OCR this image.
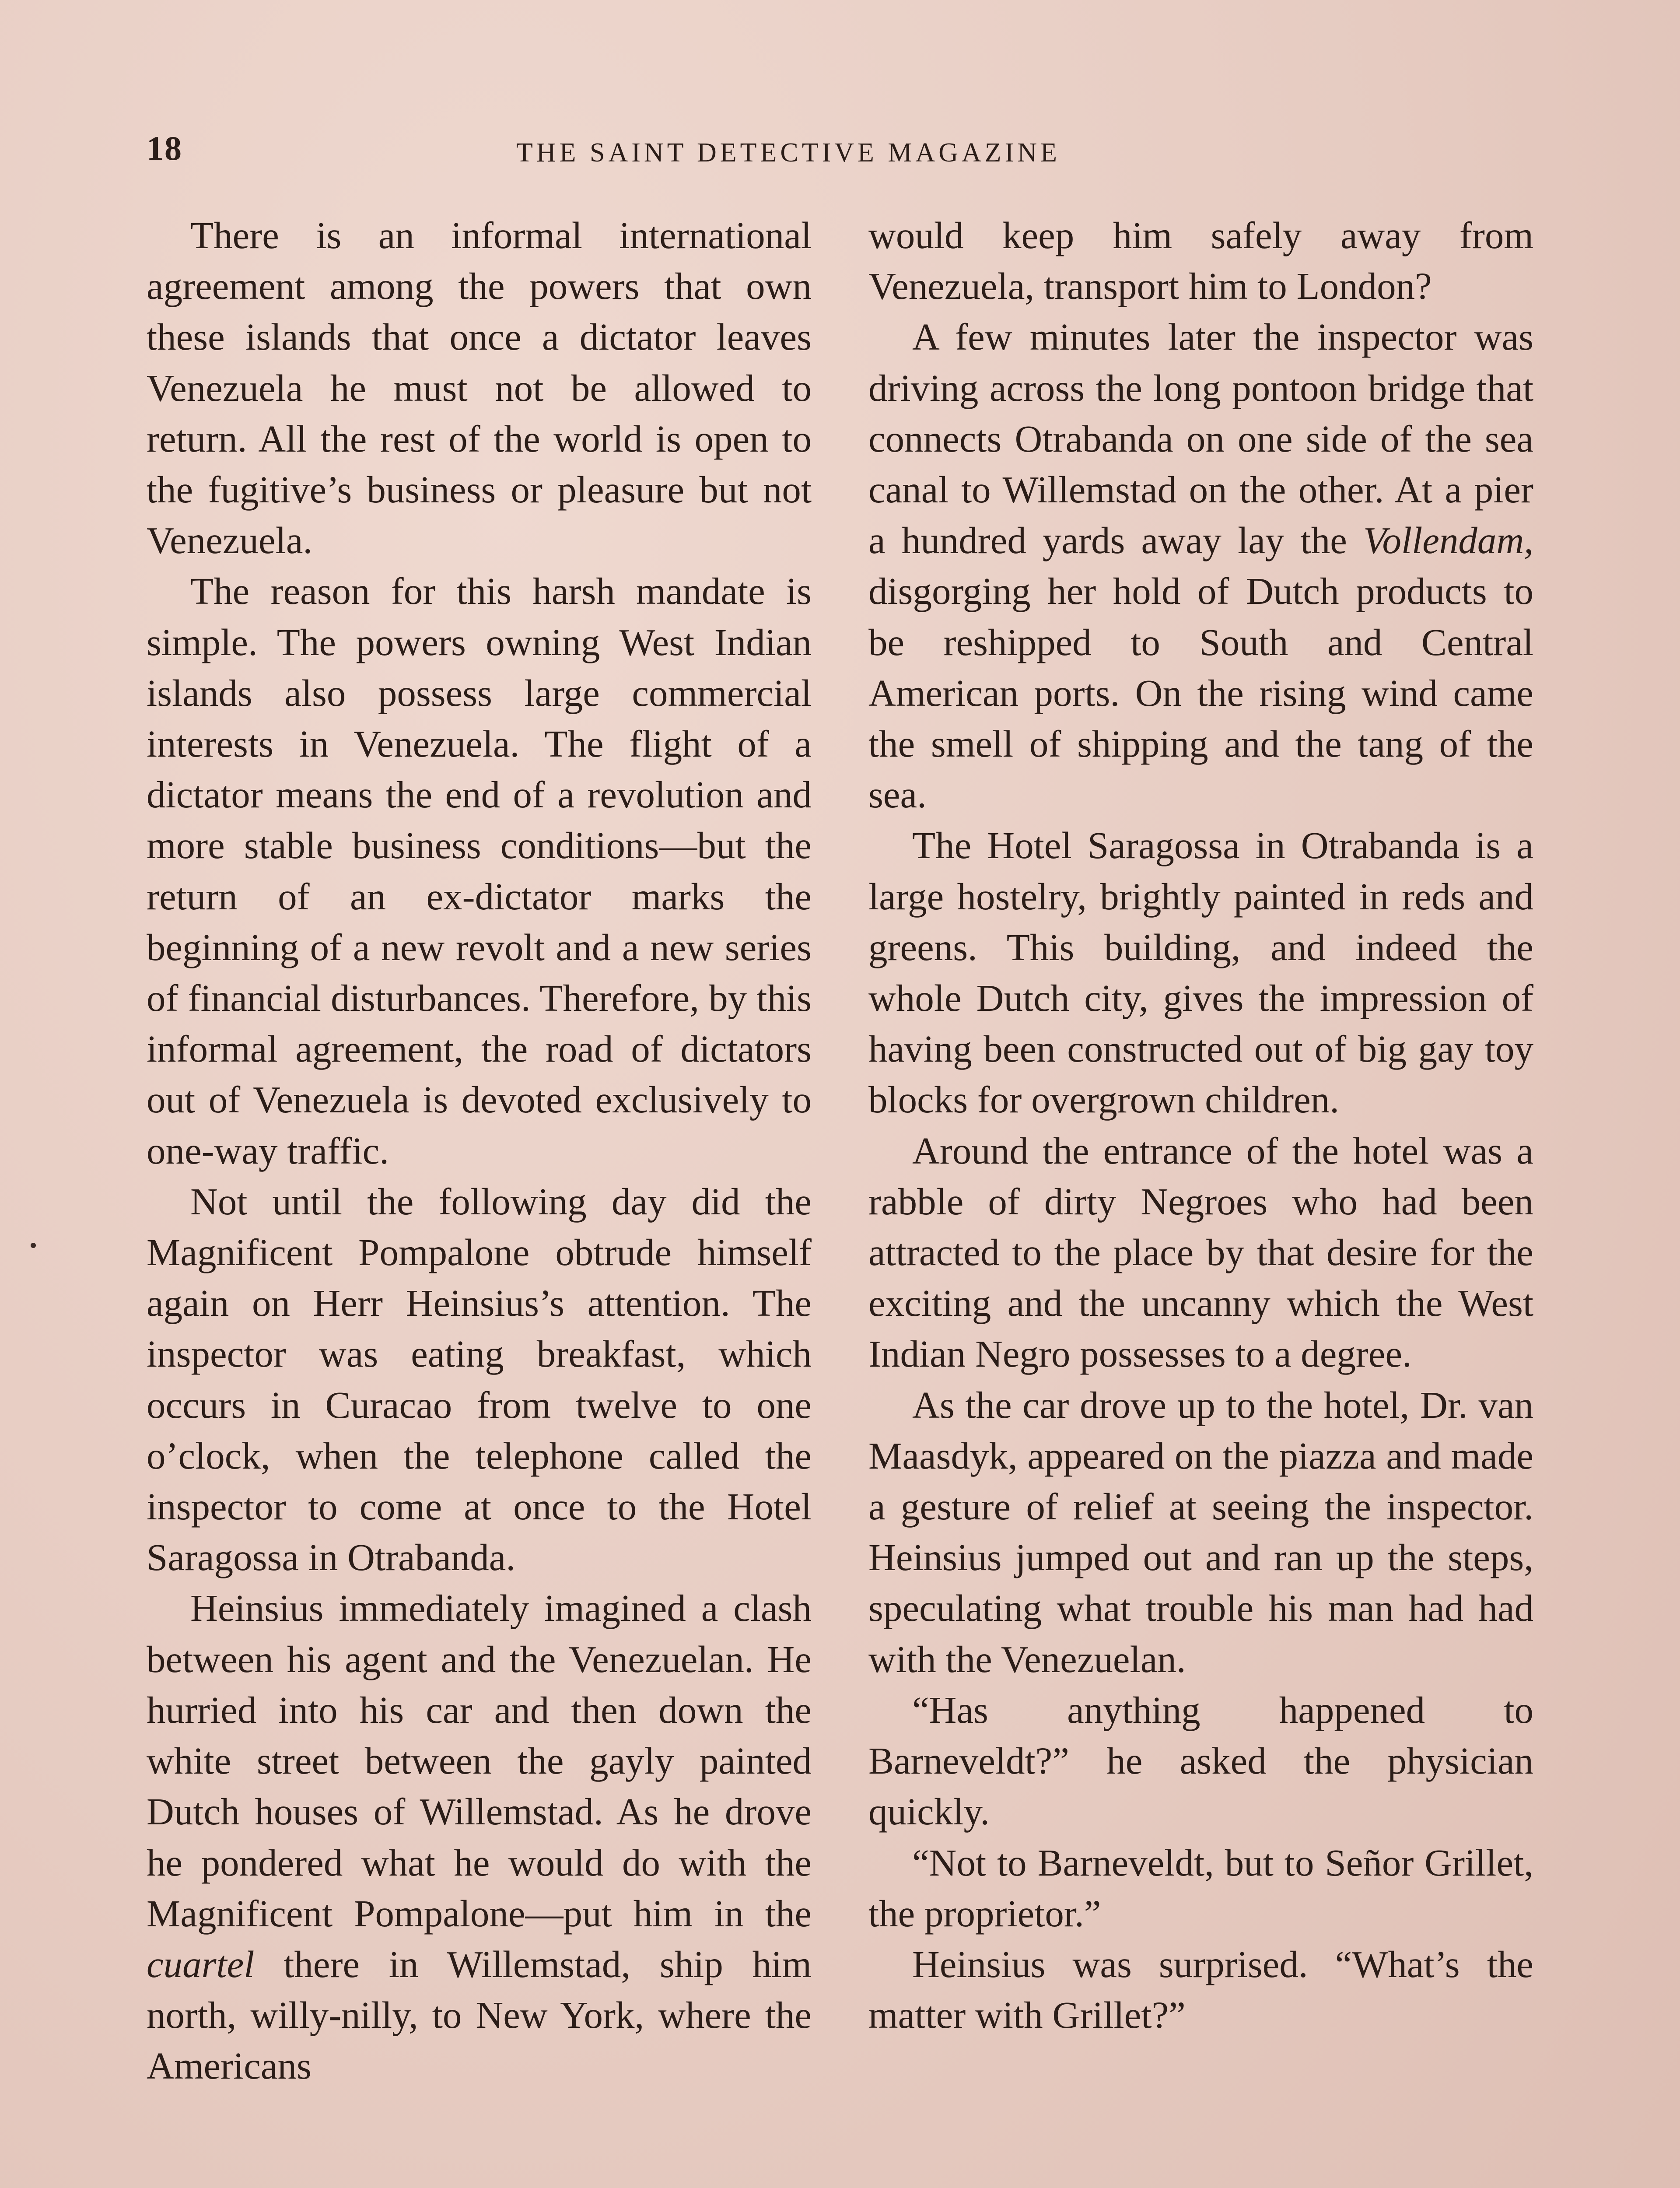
18	THE SAINT DETECTIVE MAGAZINE

There is an informal international agreement among the powers that own these islands that once a dictator leaves Venezuela he must not be allowed to return. All the rest of the world is open to the fugitive’s business or pleasure but not Venezuela.

The reason for this harsh mandate is simple. The powers owning West Indian islands also possess large commercial interests in Venezuela. The flight of a dictator means the end of a revolution and more stable business conditions—but the return of an ex-dictator marks the beginning of a new revolt and a new series of financial disturbances. Therefore, by this informal agreement, the road of dictators out of Venezuela is devoted exclusively to one-way traffic.

Not until the following day did the Magnificent Pompalone obtrude himself again on Herr Heinsius’s attention. The inspector was eating breakfast, which occurs in Curacao from twelve to one o’clock, when the telephone called the inspector to come at once to the Hotel Saragossa in Otrabanda.

Heinsius immediately imagined a clash between his agent and the Venezuelan. He hurried into his car and then down the white street between the gayly painted Dutch houses of Willemstad. As he drove he pondered what he would do with the Magnificent Pompalone—put him in the cuartel there in Willemstad, ship him north, willy-nilly, to New York, where the Americans

would keep him safely away from Venezuela, transport him to London?

A few minutes later the inspector was driving across the long pontoon bridge that connects Otrabanda on one side of the sea canal to Willemstad on the other. At a pier a hundred yards away lay the Vollendam, disgorging her hold of Dutch products to be reshipped to South and Central American ports. On the rising wind came the smell of shipping and the tang of the sea.

The Hotel Saragossa in Otrabanda is a large hostelry, brightly painted in reds and greens. This building, and indeed the whole Dutch city, gives the impression of having been constructed out of big gay toy blocks for overgrown children.

Around the entrance of the hotel was a rabble of dirty Negroes who had been attracted to the place by that desire for the exciting and the uncanny which the West Indian Negro possesses to a degree.

As the car drove up to the hotel, Dr. van Maasdyk, appeared on the piazza and made a gesture of relief at seeing the inspector. Heinsius jumped out and ran up the steps, speculating what trouble his man had had with the Venezuelan.

“Has anything happened to Barneveldt?” he asked the physician quickly.

“Not to Barneveldt, but to Señor Grillet, the proprietor.”

Heinsius was surprised. “What’s the matter with Grillet?”
